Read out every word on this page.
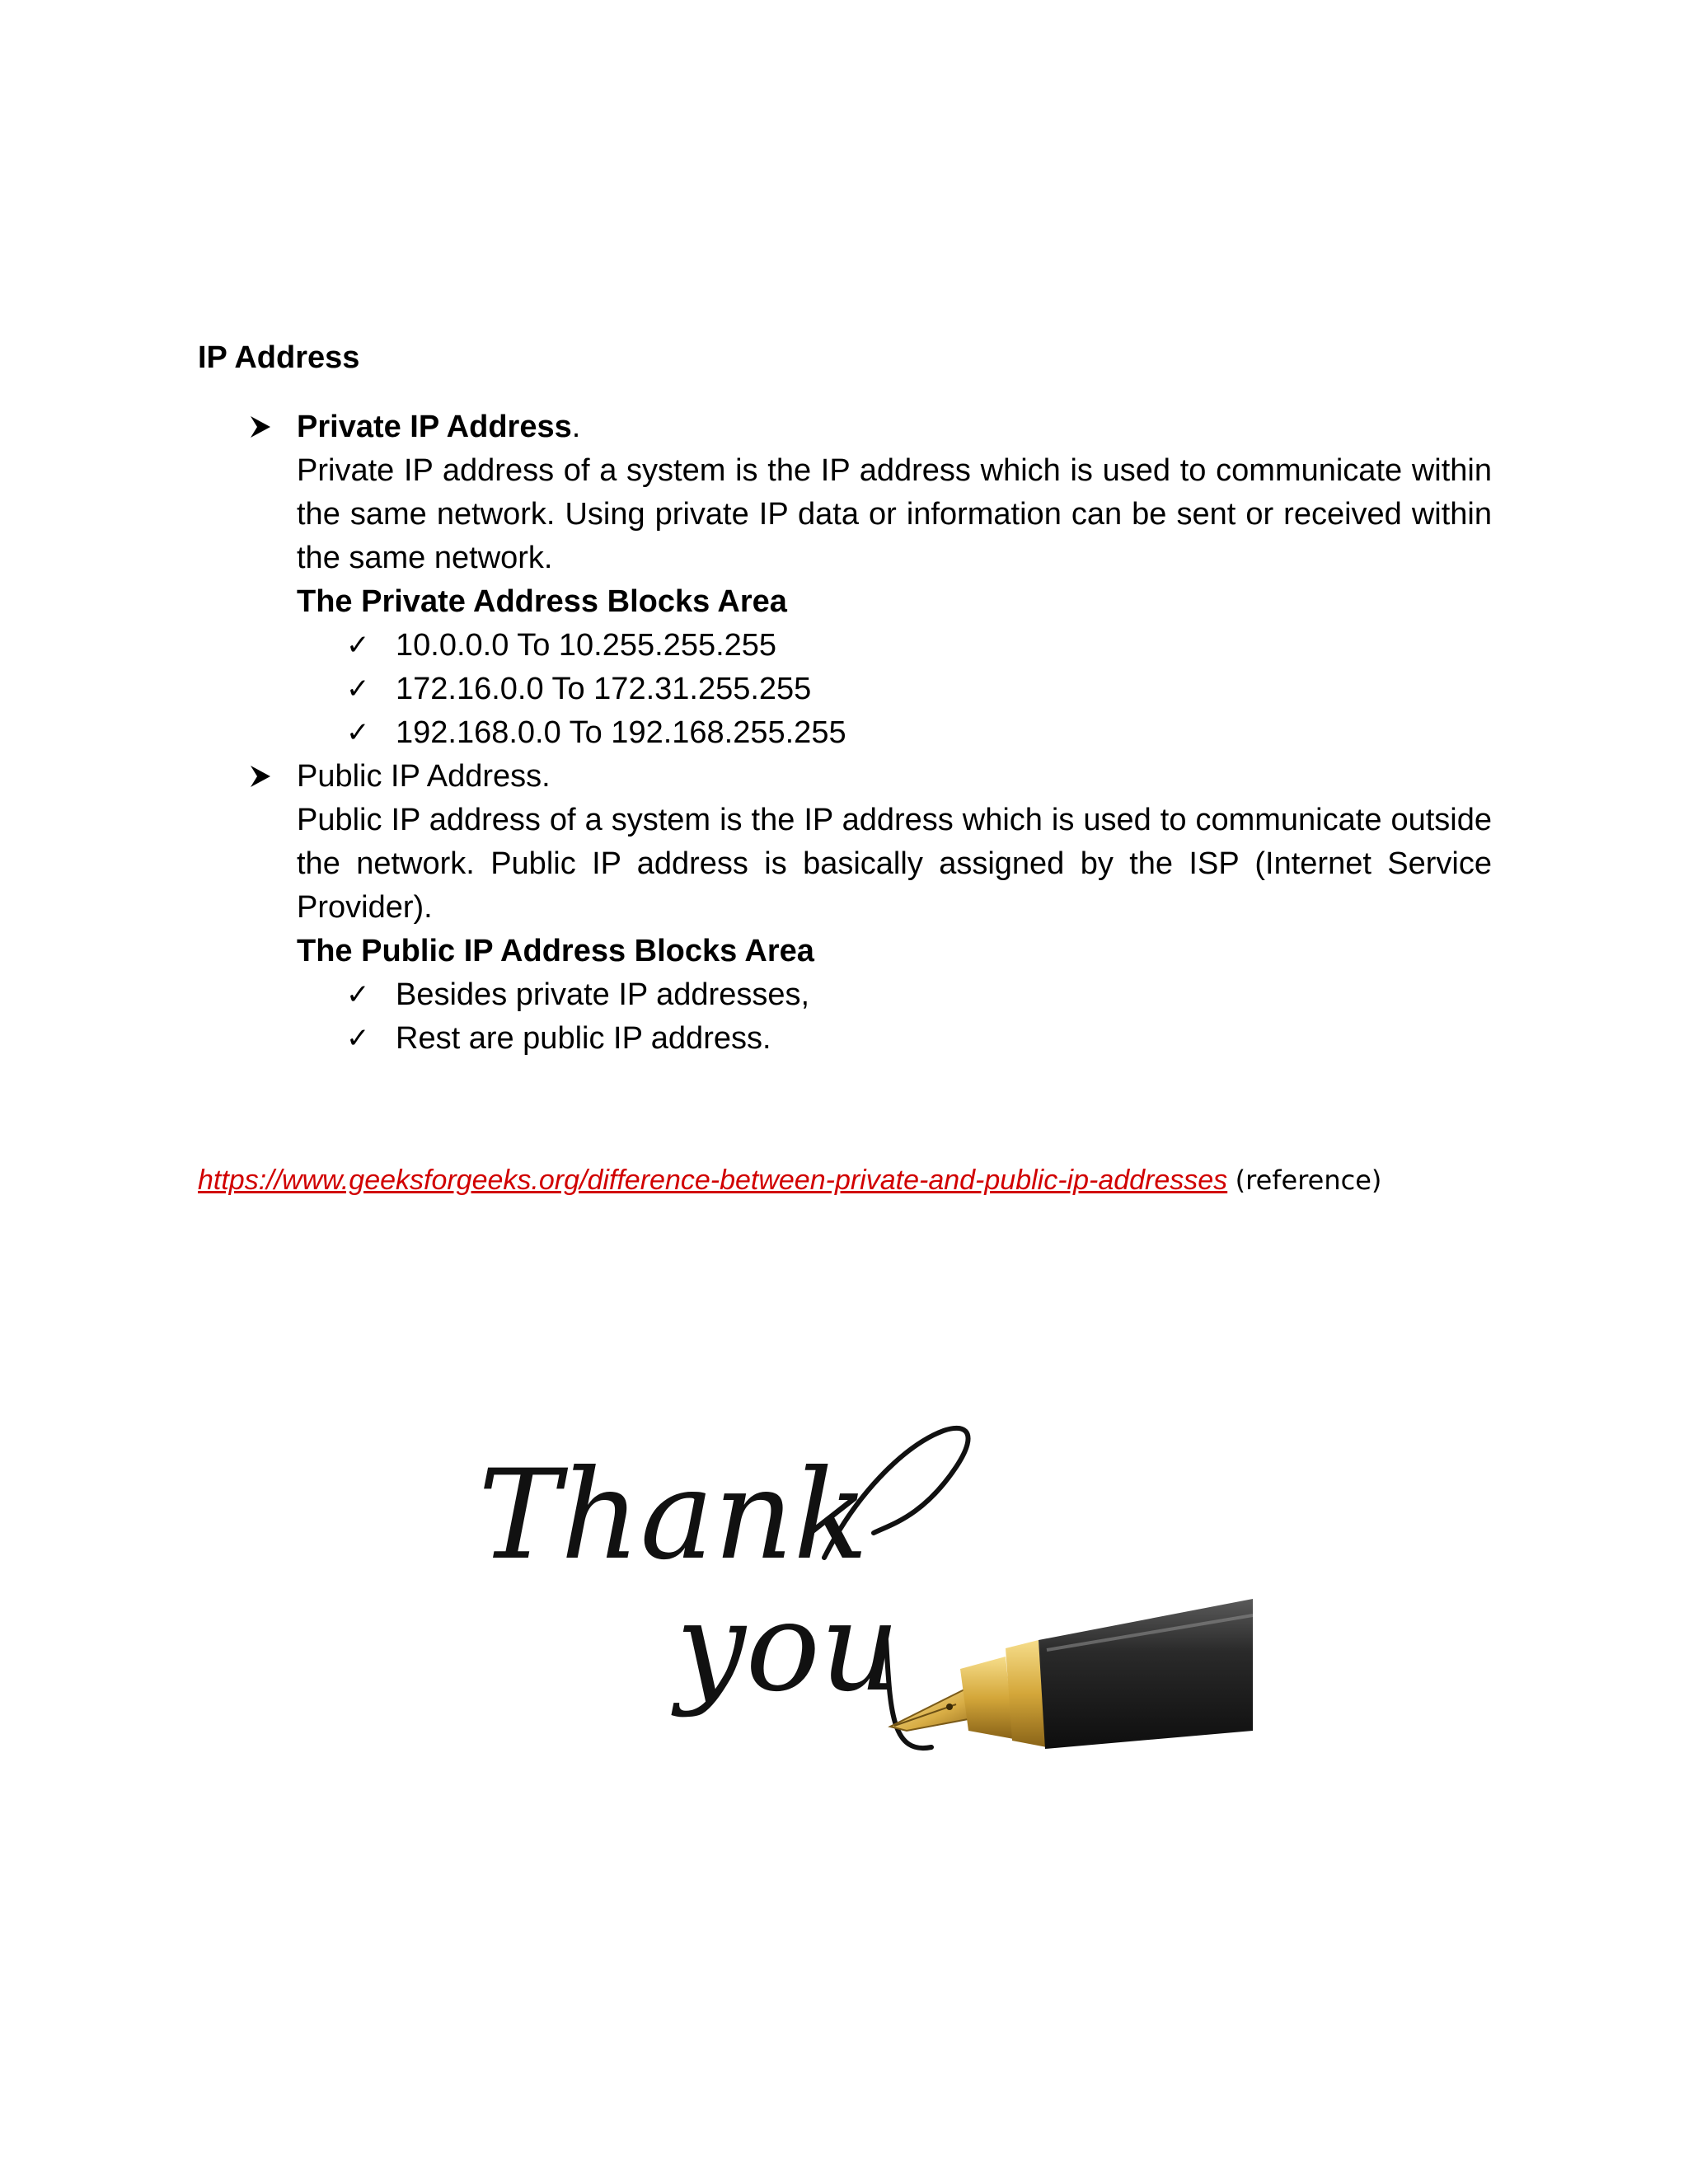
IP Address
Private IP Address.

Private IP address of a system is the IP address which is used to communicate within the same network. Using private IP data or information can be sent or received within the same network.

The Private Address Blocks Area

✓ 10.0.0.0 To 10.255.255.255
✓ 172.16.0.0 To 172.31.255.255
✓ 192.168.0.0 To 192.168.255.255
Public IP Address.

Public IP address of a system is the IP address which is used to communicate outside the network. Public IP address is basically assigned by the ISP (Internet Service Provider).

The Public IP Address Blocks Area

✓ Besides private IP addresses,
✓ Rest are public IP address.
https://www.geeksforgeeks.org/difference-between-private-and-public-ip-addresses (reference)
Thank
you
